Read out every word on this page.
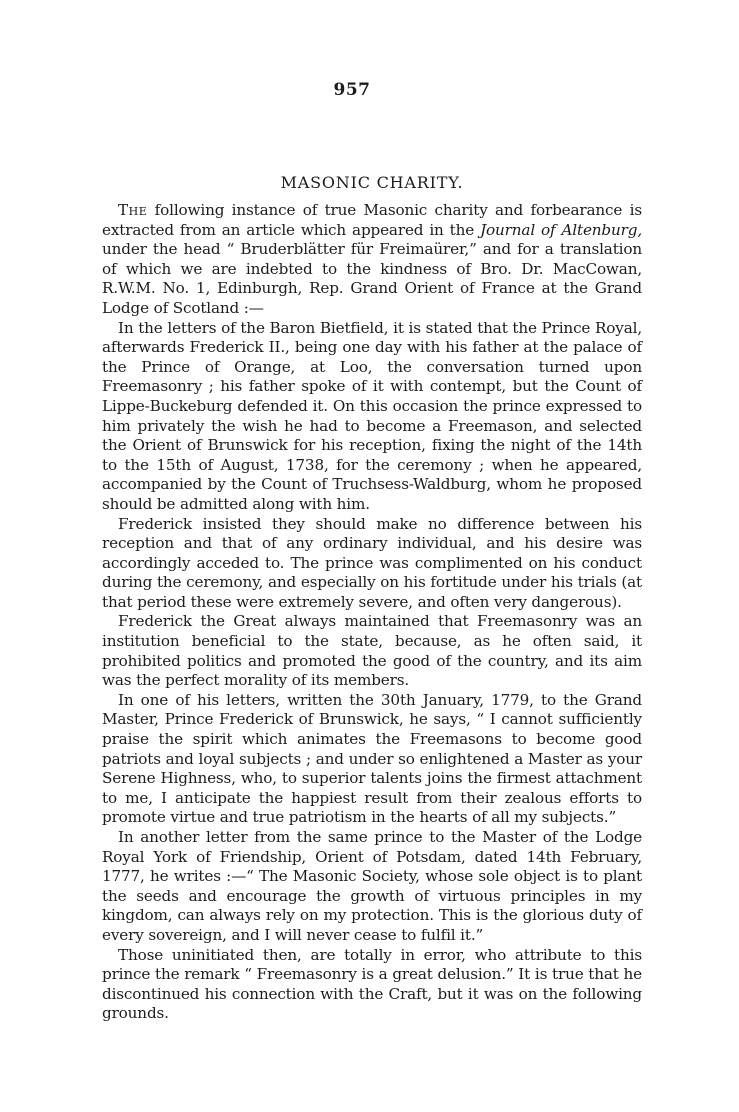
957
MASONIC CHARITY.

The following instance of true Masonic charity and forbearance is extracted from an article which appeared in the Journal of Altenburg, under the head “ Bruderblätter für Freimaürer,” and for a translation of which we are indebted to the kindness of Bro. Dr. MacCowan, R.W.M. No. 1, Edinburgh, Rep. Grand Orient of France at the Grand Lodge of Scotland :—

In the letters of the Baron Bietfield, it is stated that the Prince Royal, afterwards Frederick II., being one day with his father at the palace of the Prince of Orange, at Loo, the conversation turned upon Freemasonry ; his father spoke of it with contempt, but the Count of Lippe-Buckeburg defended it. On this occasion the prince expressed to him privately the wish he had to become a Freemason, and selected the Orient of Brunswick for his reception, fixing the night of the 14th to the 15th of August, 1738, for the ceremony ; when he appeared, accompanied by the Count of Truchsess-Waldburg, whom he proposed should be admitted along with him.

Frederick insisted they should make no difference between his reception and that of any ordinary individual, and his desire was accordingly acceded to. The prince was complimented on his conduct during the ceremony, and especially on his fortitude under his trials (at that period these were extremely severe, and often very dangerous).

Frederick the Great always maintained that Freemasonry was an institution beneficial to the state, because, as he often said, it prohibited politics and promoted the good of the country, and its aim was the perfect morality of its members.

In one of his letters, written the 30th January, 1779, to the Grand Master, Prince Frederick of Brunswick, he says, “ I cannot sufficiently praise the spirit which animates the Freemasons to become good patriots and loyal subjects ; and under so enlightened a Master as your Serene Highness, who, to superior talents joins the firmest attachment to me, I anticipate the happiest result from their zealous efforts to promote virtue and true patriotism in the hearts of all my subjects.”

In another letter from the same prince to the Master of the Lodge Royal York of Friendship, Orient of Potsdam, dated 14th February, 1777, he writes :—“ The Masonic Society, whose sole object is to plant the seeds and encourage the growth of virtuous principles in my kingdom, can always rely on my protection. This is the glorious duty of every sovereign, and I will never cease to fulfil it.”

Those uninitiated then, are totally in error, who attribute to this prince the remark “ Freemasonry is a great delusion.” It is true that he discontinued his connection with the Craft, but it was on the following grounds.
